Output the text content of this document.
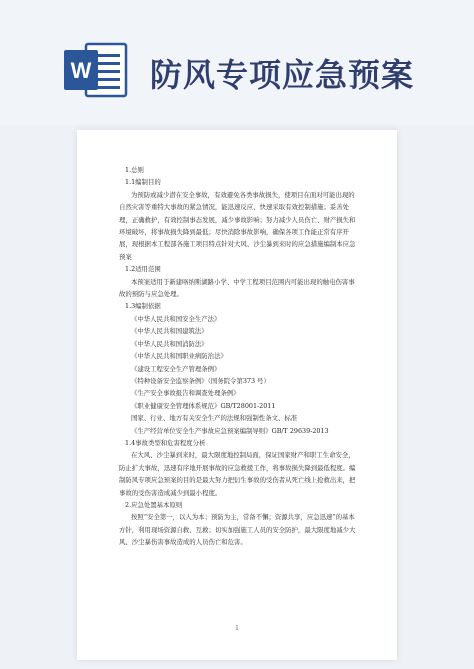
W 防风专项应急预案

1.总则

1.1编制目的

为预防或减少潜在安全事故，有效避免各类事故损失，使项目在面对可能出现的自然灾害等重特大事故的紧急情况，能迅速反应、快速采取有效控制措施；妥善处理，正确救护，有效控制事态发展，减少事故影响；努力减少人员伤亡、财产损失和环境破坏，将事故损失降到最低；尽快消除事故影响，确保各项工作能正常有序开展，现根据本工程部各施工项目特点针对大风、沙尘暴到来时的应急措施编制本应急预案

1.2适用范围

本预案适用于新建咯纳斯湖路小学、中学工程项目范围内可能出现的触电伤害事故的预防与应急处理。

1.3编制依据

《中华人民共和国安全生产法》

《中华人民共和国建筑法》

《中华人民共和国消防法》

《中华人民共和国职业病防治法》

《建设工程安全生产管理条例》

《特种设备安全监察条例》（国务院令第373 号）

《生产安全事故报告和调查处理条例》

《职业健康安全管理体系规范》GB/T28001-2011

国家、行业、地方有关安全生产的法规和强制性条文、标准

《生产经营单位安全生产事故应急预案编制导则》GB/T 29639-2013

1.4事故类型和危害程度分析

在大风、沙尘暴到来时，最大限度地控制局面，保证国家财产和职工生命安全，防止扩大事故，迅速有序地开展事故的应急救援工作，将事故损失降到最低程度。编制防风专项应急预案的目的是最大努力把衍生事故的受伤者从死亡线上抢救出来，把事故的受伤害造成减少到最小程度。

2.应急处置基本原则

按照“安全第一，以人为本；预防为主，常备不懈；资源共享，应急迅速”的基本方针，利用现场资源自救、互救；切实加强施工人员的安全防护，最大限度地减少大风、沙尘暴伤害事故造成的人员伤亡和危害。

1
